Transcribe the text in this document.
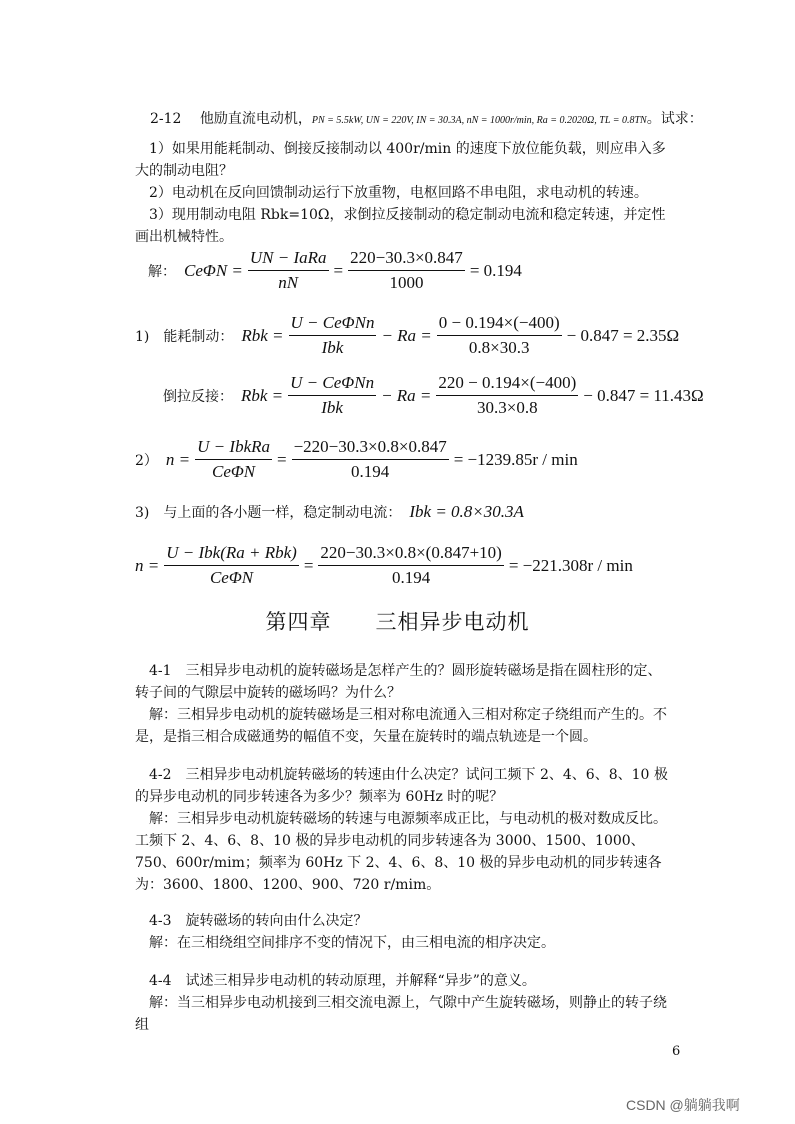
2-12 他励直流电动机，PN = 5.5kW, UN = 220V, IN = 30.3A, nN = 1000r/min, Ra = 0.2020Ω, TL = 0.8TN。试求：

1）如果用能耗制动、倒接反接制动以 400r/min 的速度下放位能负载，则应串入多大的制动电阻？

2）电动机在反向回馈制动运行下放重物，电枢回路不串电阻，求电动机的转速。

3）现用制动电阻 Rbk=10Ω，求倒拉反接制动的稳定制动电流和稳定转速，并定性画出机械特性。

解： $Ce\Phi N = \frac{\text{UN − IaRa}}{nN} = \frac{220-30.3\times 0.847}{1000} = 0.194$
1)　能耗制动： Rbk = $\frac{\text{U − CeΦNn}}{\text{Ibk}} - Ra = \frac{0 - 0.194\times(-400)}{0.8\times 30.3} - 0.847 = 2.35\Omega$
倒拉反接： Rbk = $\frac{\text{U − CeΦNn}}{\text{Ibk}} - Ra = \frac{220 - 0.194\times(-400)}{30.3\times 0.8} - 0.847 = 11.43\Omega$
2） $n = \frac{\text{U − IbkRa}}{\text{CeΦN}} = \frac{-220-30.3\times 0.8\times 0.847}{0.194} = -1239.85r / \min$
3)　与上面的各小题一样，稳定制动电流： Ibk = 0.8×30.3A
$n = \frac{\text{U − Ibk(Ra + Rbk)}}{\text{CeΦN}} = \frac{220-30.3\times 0.8\times(0.847+10)}{0.194} = -221.308r / \min$
第四章　　三相异步电动机

4-1　三相异步电动机的旋转磁场是怎样产生的？圆形旋转磁场是指在圆柱形的定、转子间的气隙层中旋转的磁场吗？为什么？

解：三相异步电动机的旋转磁场是三相对称电流通入三相对称定子绕组而产生的。不是，是指三相合成磁通势的幅值不变，矢量在旋转时的端点轨迹是一个圆。

4-2　三相异步电动机旋转磁场的转速由什么决定？试问工频下 2、4、6、8、10 极的异步电动机的同步转速各为多少？频率为 60Hz 时的呢？

解：三相异步电动机旋转磁场的转速与电源频率成正比，与电动机的极对数成反比。工频下 2、4、6、8、10 极的异步电动机的同步转速各为 3000、1500、1000、750、600r/mim；频率为 60Hz 下 2、4、6、8、10 极的异步电动机的同步转速各为：3600、1800、1200、900、720 r/mim。

4-3　旋转磁场的转向由什么决定？

解：在三相绕组空间排序不变的情况下，由三相电流的相序决定。

4-4　试述三相异步电动机的转动原理，并解释“异步”的意义。

解：当三相异步电动机接到三相交流电源上，气隙中产生旋转磁场，则静止的转子绕组

6
CSDN @躺躺我啊
